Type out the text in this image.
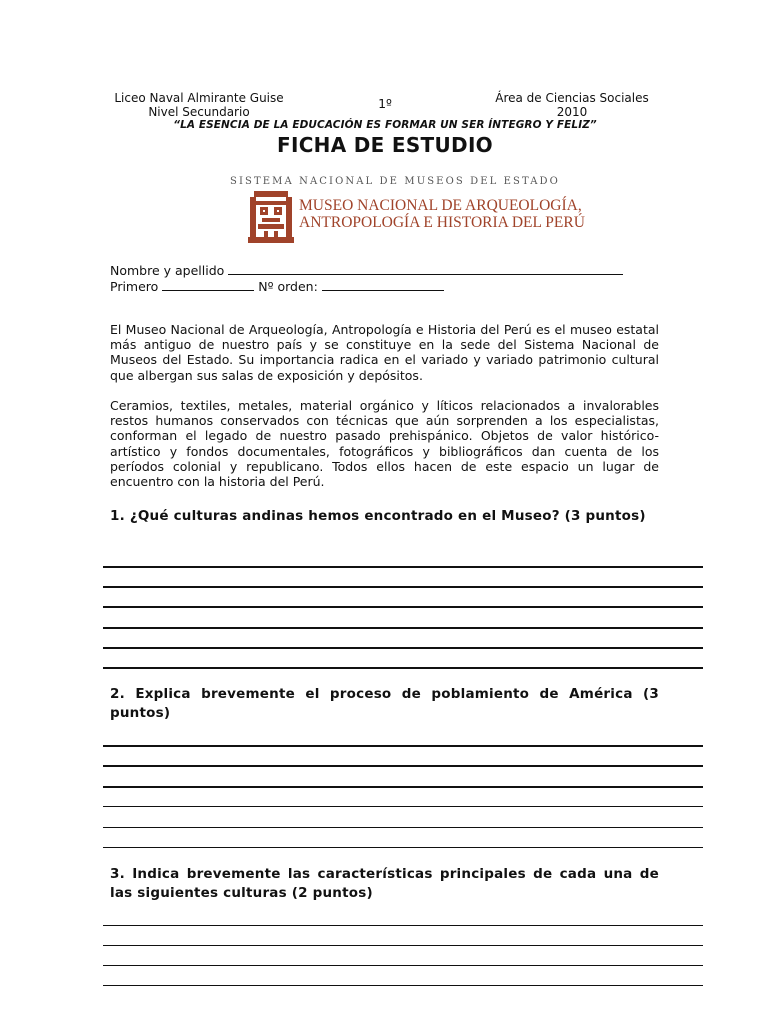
Liceo Naval Almirante Guise
Nivel Secundario
1º	Área de Ciencias Sociales
2010
“LA ESENCIA DE LA EDUCACIÓN ES FORMAR UN SER ÍNTEGRO Y FELIZ”
FICHA DE ESTUDIO
SISTEMA NACIONAL DE MUSEOS DEL ESTADO
MUSEO NACIONAL DE ARQUEOLOGÍA,
ANTROPOLOGÍA E HISTORIA DEL PERÚ
Nombre y apellido
Primero	Nº orden:
El Museo Nacional de Arqueología, Antropología e Historia del Perú es el museo estatal más antiguo de nuestro país y se constituye en la sede del Sistema Nacional de Museos del Estado. Su importancia radica en el variado y variado patrimonio cultural que albergan sus salas de exposición y depósitos.
Ceramios, textiles, metales, material orgánico y líticos relacionados a invalorables restos humanos conservados con técnicas que aún sorprenden a los especialistas, conforman el legado de nuestro pasado prehispánico. Objetos de valor histórico-artístico y fondos documentales, fotográficos y bibliográficos dan cuenta de los períodos colonial y republicano. Todos ellos hacen de este espacio un lugar de encuentro con la historia del Perú.
1. ¿Qué culturas andinas hemos encontrado en el Museo? (3 puntos)
2. Explica brevemente el proceso de poblamiento de América (3 puntos)
3. Indica brevemente las características principales de cada una de las siguientes culturas (2 puntos)
